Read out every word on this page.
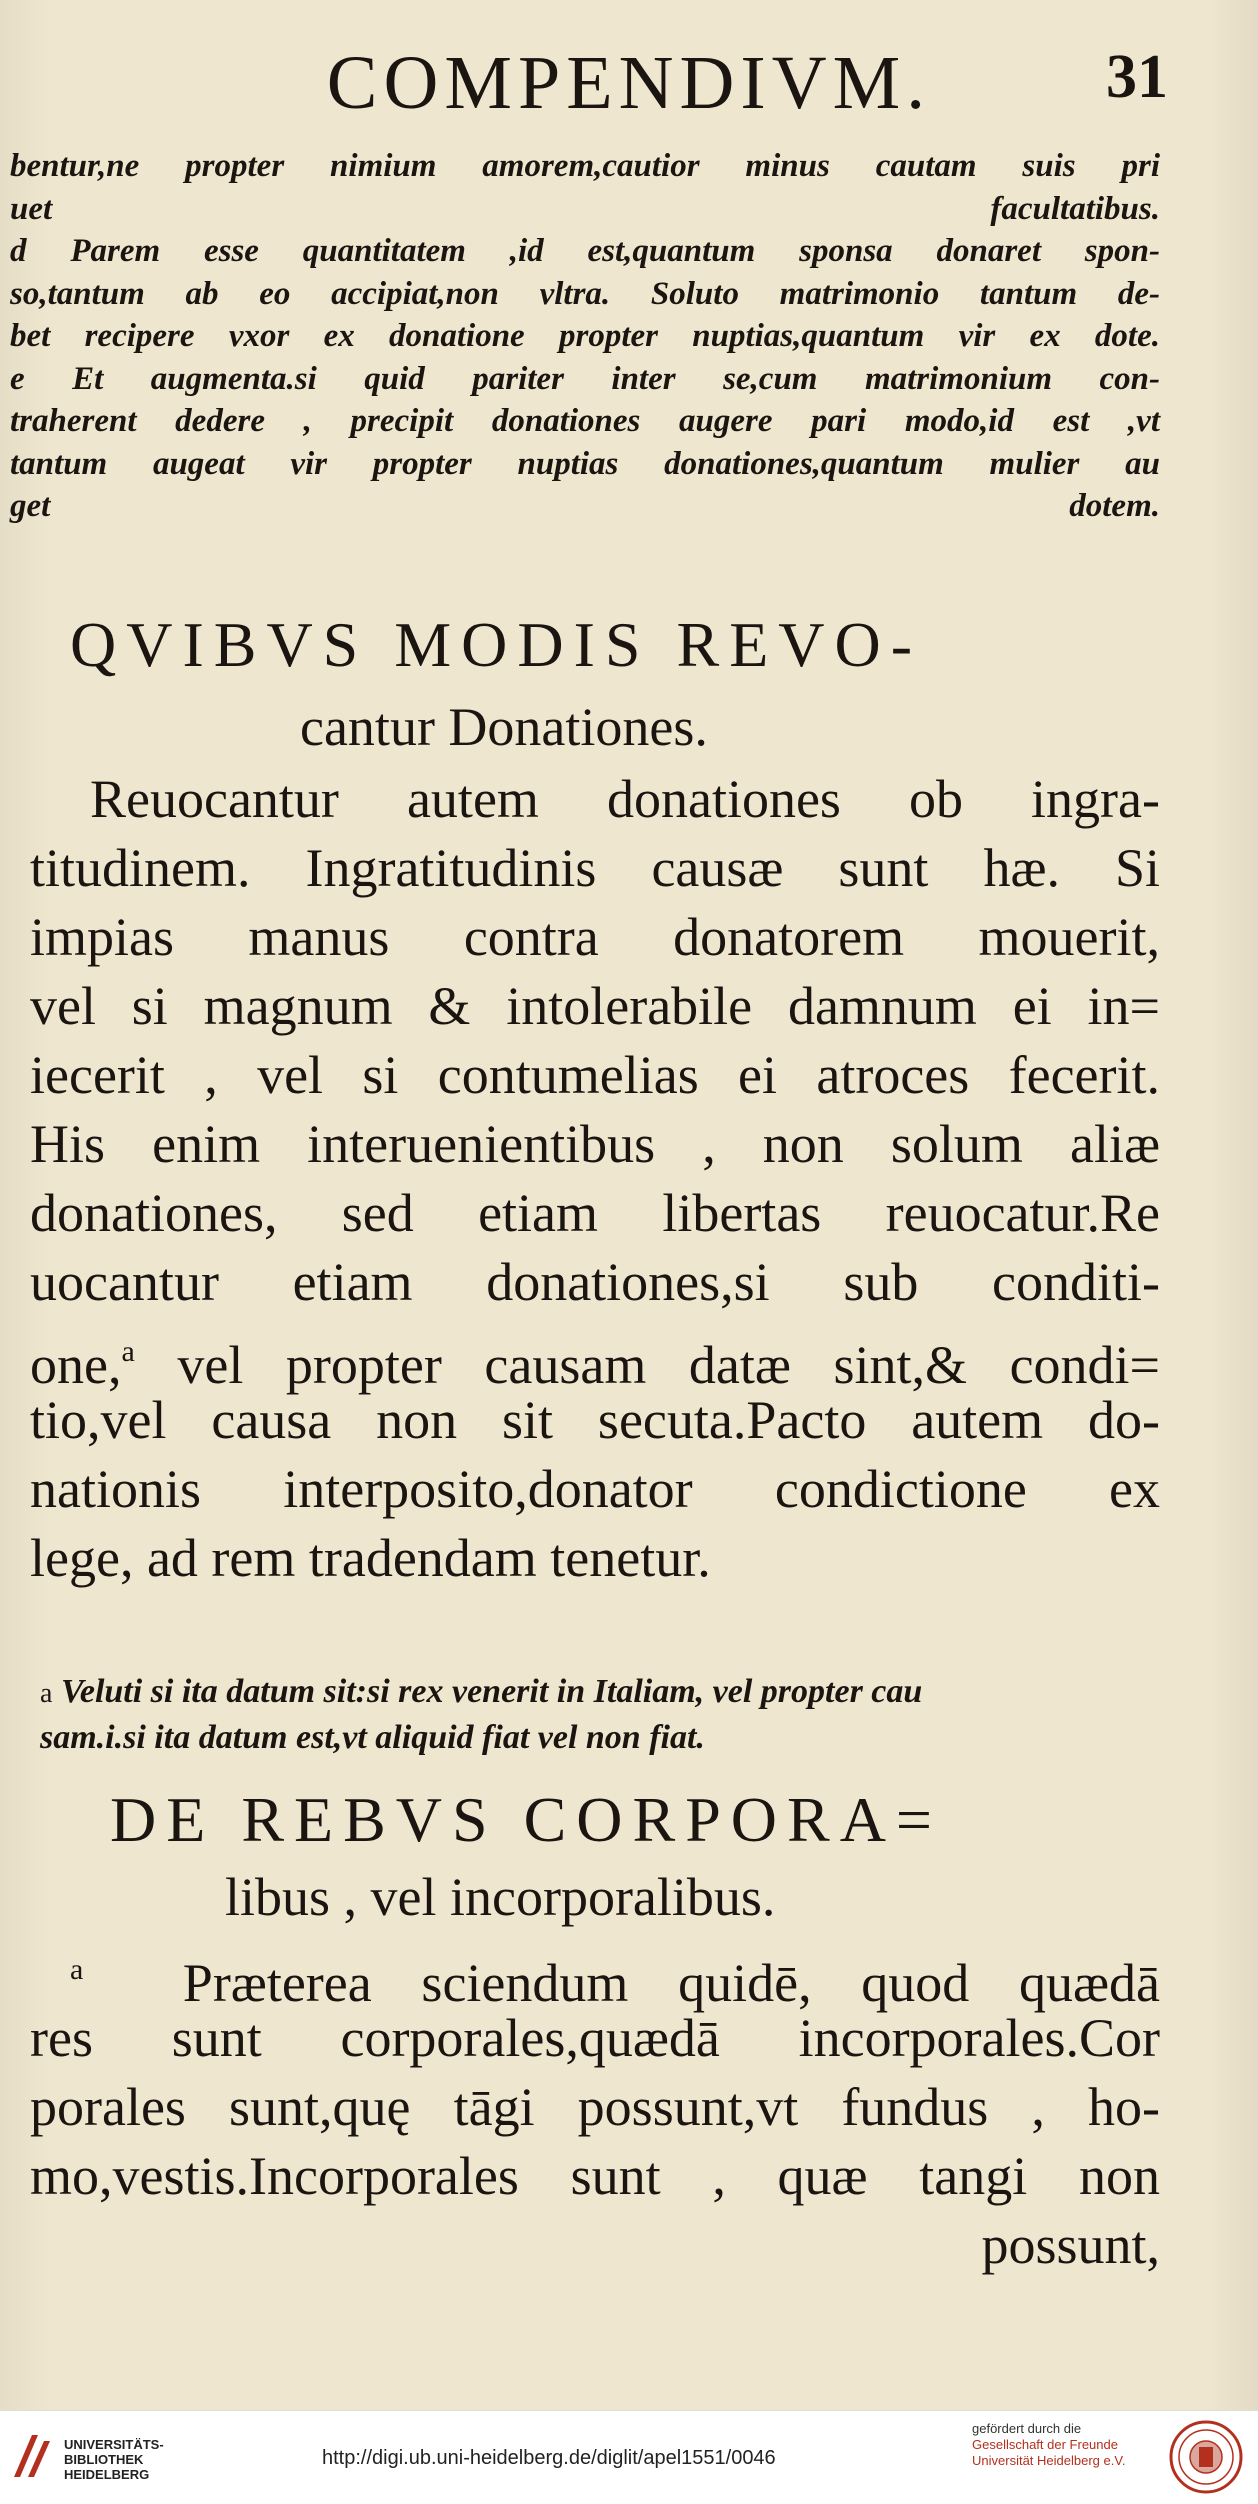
COMPENDIVM.	31
bentur,ne propter nimium amorem,cautior minus cautam suis pri
uet facultatibus.
d Parem esse quantitatem ,id est,quantum sponsa donaret spon-
so,tantum ab eo accipiat,non vltra. Soluto matrimonio tantum de-
bet recipere vxor ex donatione propter nuptias,quantum vir ex dote.
e Et augmenta.si quid pariter inter se,cum matrimonium con-
traherent dedere , precipit donationes augere pari modo,id est ,vt
tantum augeat vir propter nuptias donationes,quantum mulier au
get dotem.
QVIBVS MODIS REVO-
cantur Donationes.
Reuocantur autem donationes ob ingra-
titudinem. Ingratitudinis causæ sunt hæ. Si
impias manus contra donatorem mouerit,
vel si magnum & intolerabile damnum ei in=
iecerit , vel si contumelias ei atroces fecerit.
His enim interuenientibus , non solum aliæ
donationes, sed etiam libertas reuocatur.Re
uocantur etiam donationes,si sub conditi-
one,$^a$ vel propter causam datæ sint,& condi=
tio,vel causa non sit secuta.Pacto autem do-
nationis interposito,donator condictione ex
lege, ad rem tradendam tenetur.
a Veluti si ita datum sit:si rex venerit in Italiam, vel propter cau
sam.i.si ita datum est,vt aliquid fiat vel non fiat.
DE REBVS CORPORA=
libus , vel incorporalibus.
$^a$ Præterea sciendum quidē, quod quædā
res sunt corporales,quædā incorporales.Cor
porales sunt,quę tāgi possunt,vt fundus , ho-
mo,vestis.Incorporales sunt , quæ tangi non
possunt,
UNIVERSITÄTS-
BIBLIOTHEK
HEIDELBERG
http://digi.ub.uni-heidelberg.de/diglit/apel1551/0046
gefördert durch die
Gesellschaft der Freunde
Universität Heidelberg e.V.
